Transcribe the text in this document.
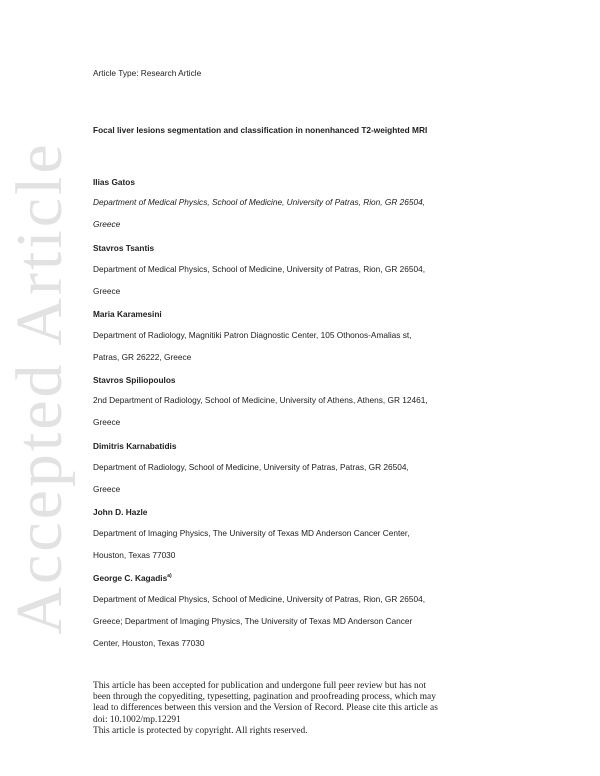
Accepted Article
Article Type: Research Article
Focal liver lesions segmentation and classification in nonenhanced T2-weighted MRI
Ilias Gatos
Department of Medical Physics, School of Medicine, University of Patras, Rion, GR 26504,
Greece
Stavros Tsantis
Department of Medical Physics, School of Medicine, University of Patras, Rion, GR 26504,
Greece
Maria Karamesini
Department of Radiology, Magnitiki Patron Diagnostic Center, 105 Othonos-Amalias st,
Patras, GR 26222, Greece
Stavros Spiliopoulos
2nd Department of Radiology, School of Medicine, University of Athens, Athens, GR 12461,
Greece
Dimitris Karnabatidis
Department of Radiology, School of Medicine, University of Patras, Patras, GR 26504,
Greece
John D. Hazle
Department of Imaging Physics, The University of Texas MD Anderson Cancer Center,
Houston, Texas 77030
George C. Kagadis$^{a)}$
Department of Medical Physics, School of Medicine, University of Patras, Rion, GR 26504,
Greece; Department of Imaging Physics, The University of Texas MD Anderson Cancer
Center, Houston, Texas 77030
This article has been accepted for publication and undergone full peer review but has not
been through the copyediting, typesetting, pagination and proofreading process, which may
lead to differences between this version and the Version of Record. Please cite this article as
doi: 10.1002/mp.12291
This article is protected by copyright. All rights reserved.
